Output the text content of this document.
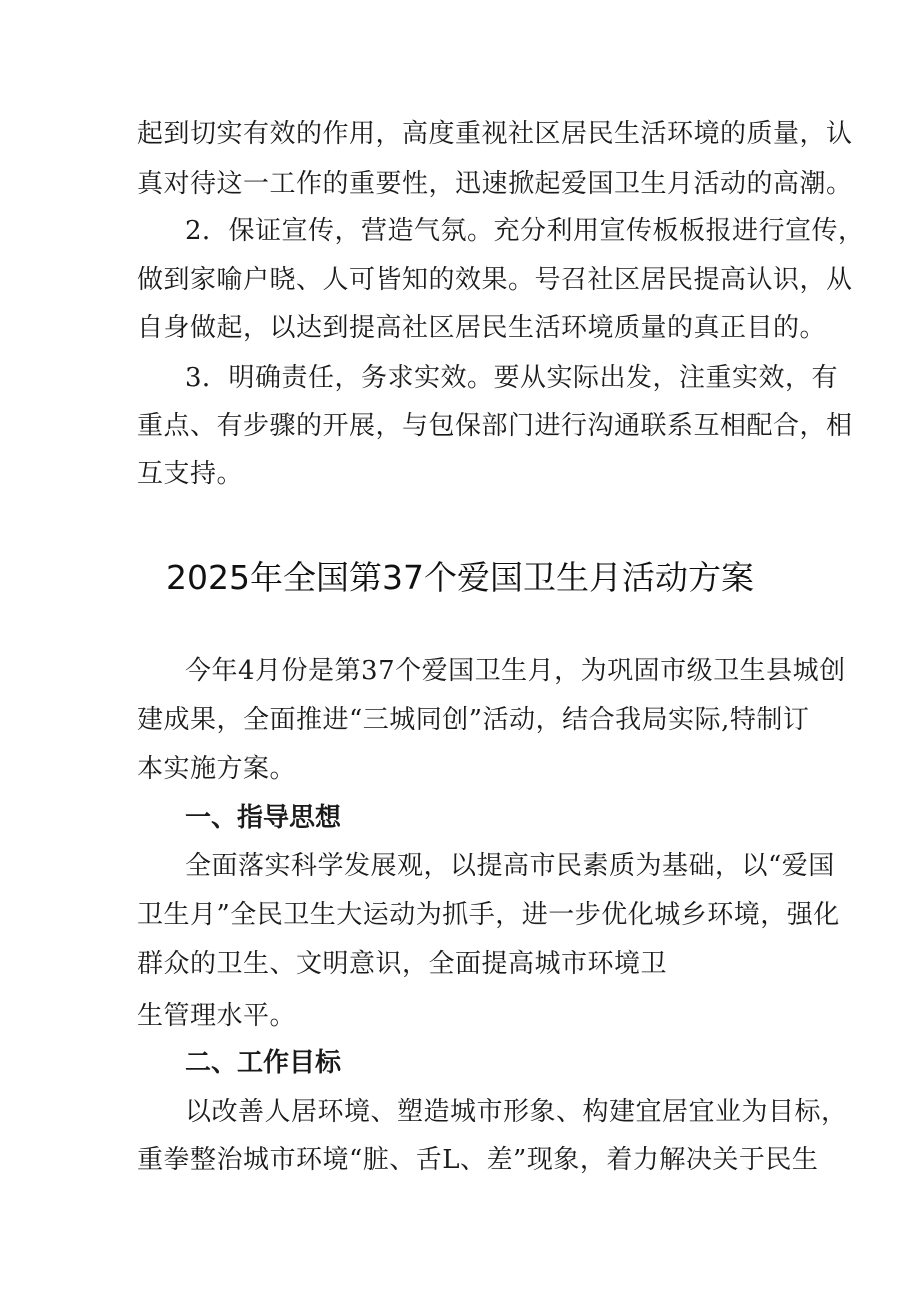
起到切实有效的作用，高度重视社区居民生活环境的质量，认
真对待这一工作的重要性，迅速掀起爱国卫生月活动的高潮。
2．保证宣传，营造气氛。充分利用宣传板板报进行宣传，
做到家喻户晓、人可皆知的效果。号召社区居民提高认识，从
自身做起，以达到提高社区居民生活环境质量的真正目的。
3．明确责任，务求实效。要从实际出发，注重实效，有
重点、有步骤的开展，与包保部门进行沟通联系互相配合，相
互支持。
2025年全国第37个爱国卫生月活动方案
今年4月份是第37个爱国卫生月，为巩固市级卫生县城创
建成果，全面推进“三城同创”活动，结合我局实际,特制订
本实施方案。
一、指导思想
全面落实科学发展观，以提高市民素质为基础，以“爱国
卫生月”全民卫生大运动为抓手，进一步优化城乡环境，强化
群众的卫生、文明意识，全面提高城市环境卫
生管理水平。
二、工作目标
以改善人居环境、塑造城市形象、构建宜居宜业为目标，
重拳整治城市环境“脏、舌L、差”现象，着力解决关于民生
